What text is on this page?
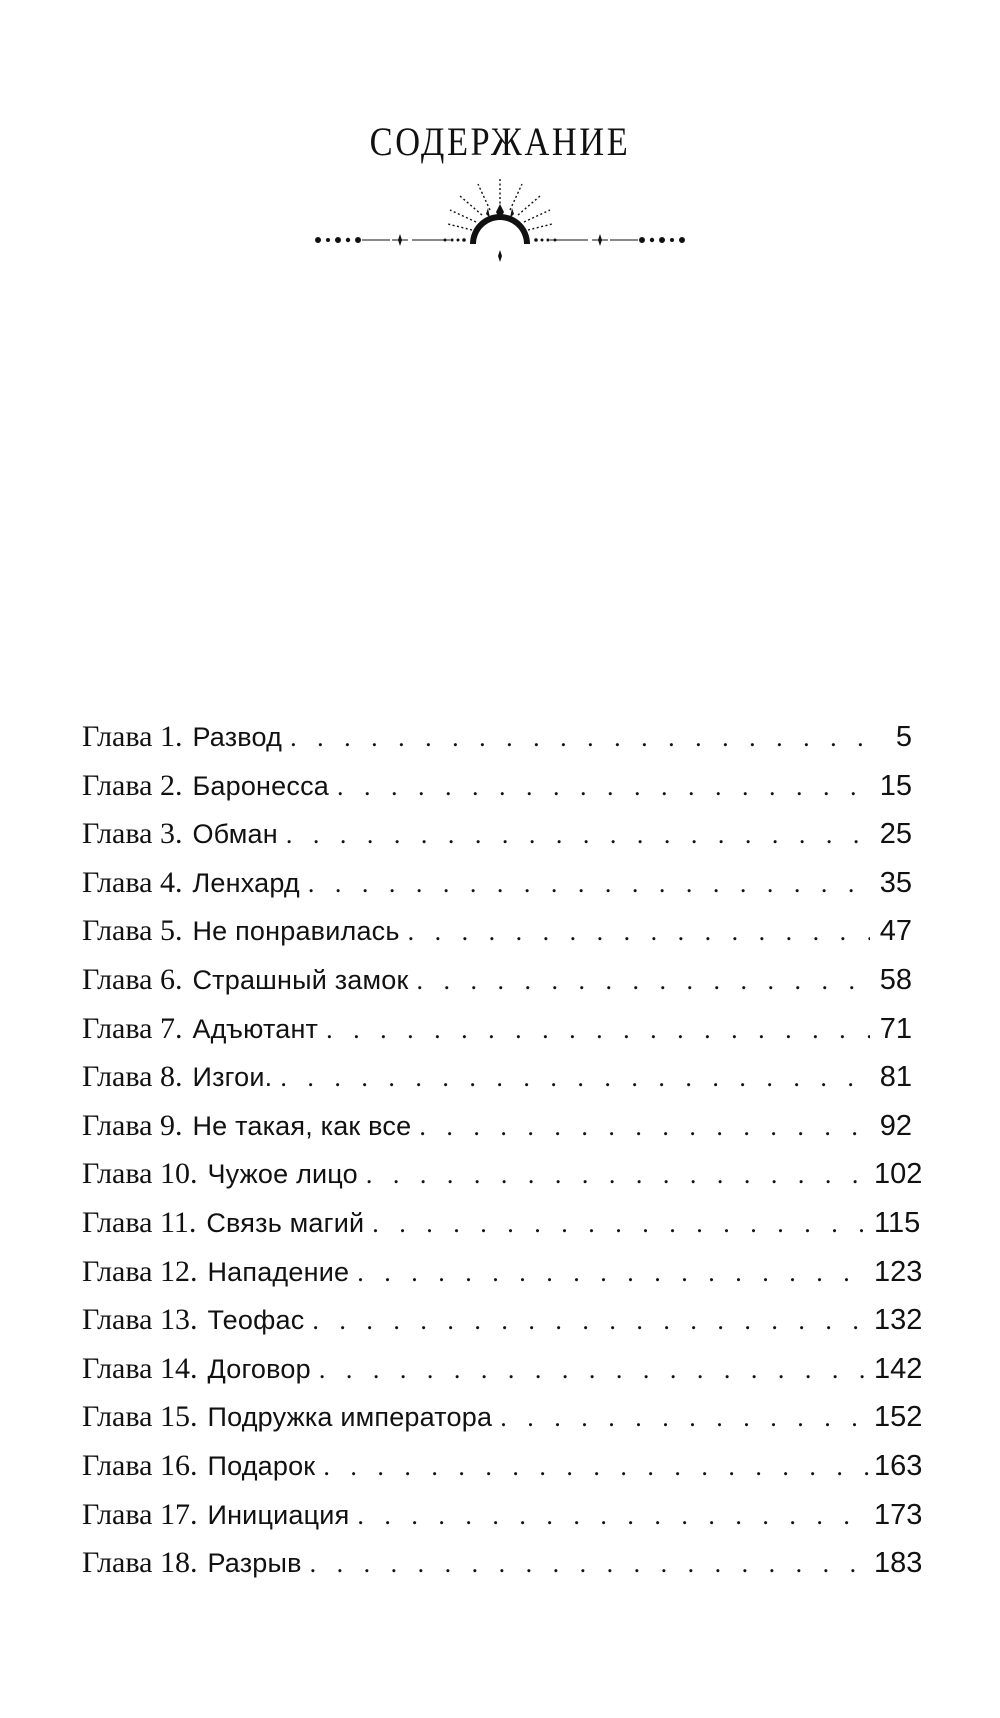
СОДЕРЖАНИЕ
Глава 1. Развод . . .	5
Глава 2. Баронесса . . .	15
Глава 3. Обман . . .	25
Глава 4. Ленхард . . .	35
Глава 5. Не понравилась . . .	47
Глава 6. Страшный замок . . .	58
Глава 7. Адъютант . . .	71
Глава 8. Изгои. . . .	81
Глава 9. Не такая, как все . . .	92
Глава 10. Чужое лицо . . .	102
Глава 11. Связь магий . . .	115
Глава 12. Нападение . . .	123
Глава 13. Теофас . . .	132
Глава 14. Договор . . .	142
Глава 15. Подружка императора . . .	152
Глава 16. Подарок . . .	163
Глава 17. Инициация . . .	173
Глава 18. Разрыв . . .	183
